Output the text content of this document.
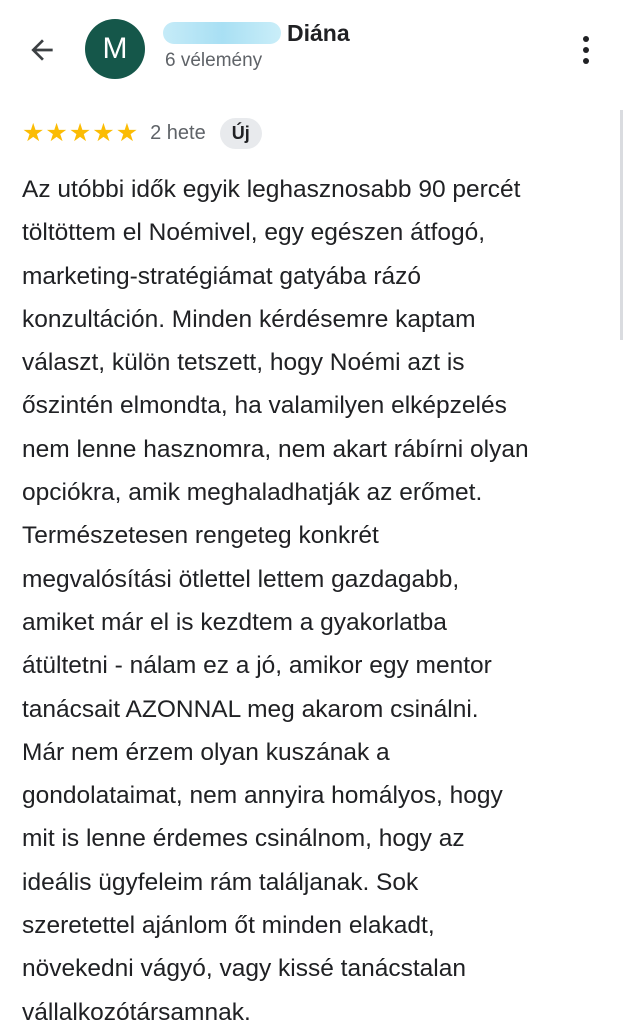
M	Diána
6 vélemény
★ ★ ★ ★ ★ 2 hete	Új
Az utóbbi idők egyik leghasznosabb 90 percét
töltöttem el Noémivel, egy egészen átfogó,
marketing-stratégiámat gatyába rázó
konzultáción. Minden kérdésemre kaptam
választ, külön tetszett, hogy Noémi azt is
őszintén elmondta, ha valamilyen elképzelés
nem lenne hasznomra, nem akart rábírni olyan
opciókra, amik meghaladhatják az erőmet.
Természetesen rengeteg konkrét
megvalósítási ötlettel lettem gazdagabb,
amiket már el is kezdtem a gyakorlatba
átültetni - nálam ez a jó, amikor egy mentor
tanácsait AZONNAL meg akarom csinálni.
Már nem érzem olyan kuszának a
gondolataimat, nem annyira homályos, hogy
mit is lenne érdemes csinálnom, hogy az
ideális ügyfeleim rám találjanak. Sok
szeretettel ajánlom őt minden elakadt,
növekedni vágyó, vagy kissé tanácstalan
vállalkozótársamnak.
